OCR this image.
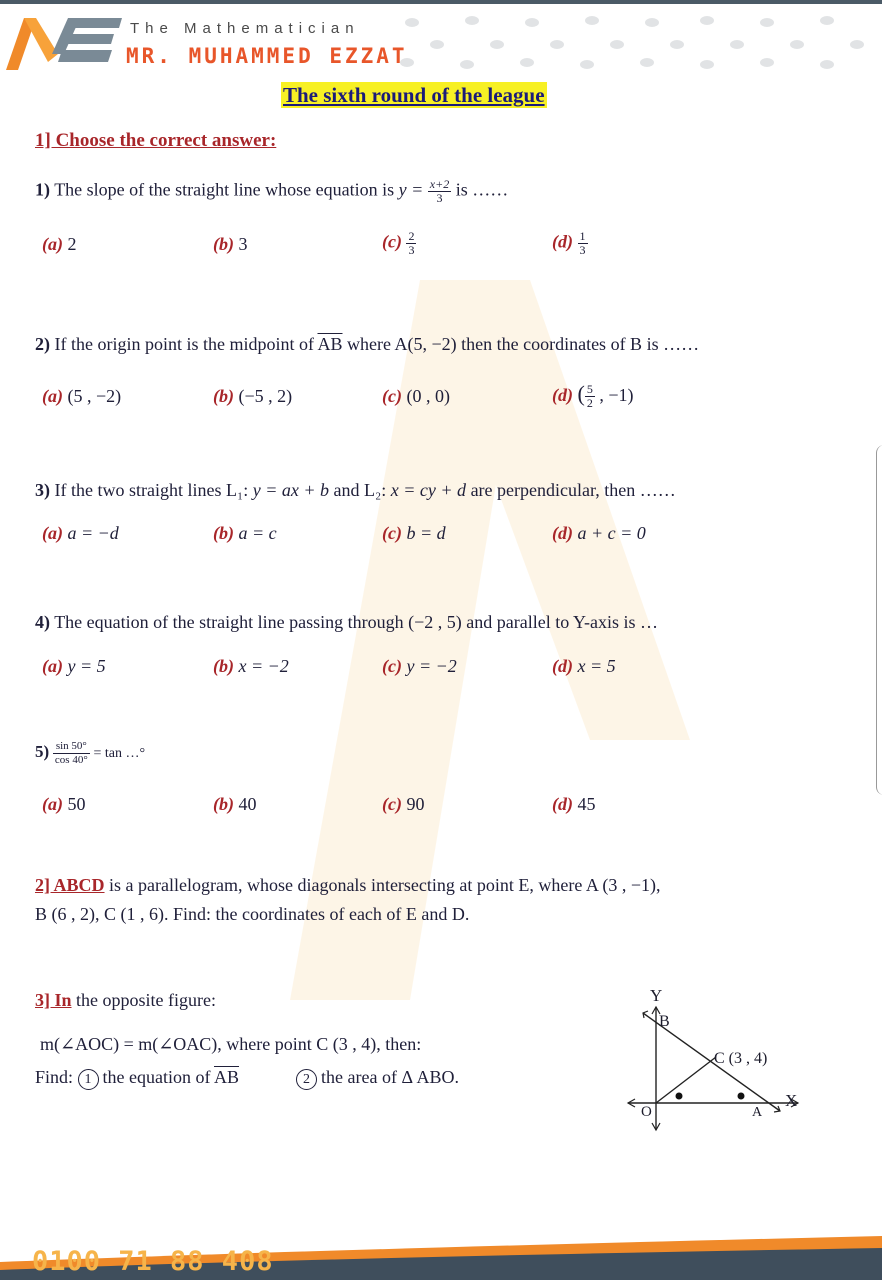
The Mathematician
MR. MUHAMMED EZZAT
The sixth round of the league
1] Choose the correct answer:
1) The slope of the straight line whose equation is $y = \frac{x+2}{3}$ is ……
(a) 2	(b) 3	$(c) \frac{2}{3}$	$(d) \frac{1}{3}$
2) If the origin point is the midpoint of $\overline{AB}$ where A(5, −2) then the coordinates of B is ……
(a) (5 , −2)	(b) (−5 , 2)	(c) (0 , 0)	(d) ( $\frac{5}{2}$ , −1)
3) If the two straight lines L₁: y = ax + b and L₂: x = cy + d are perpendicular, then ……
(a) a = −d	(b) a = c	(c) b = d	(d) a + c = 0
4) The equation of the straight line passing through (−2 , 5) and parallel to Y-axis is …
(a) y = 5	(b) x = −2	(c) y = −2	(d) x = 5
$5) \frac{\sin 50^\circ}{\cos 40^\circ} = \tan$ …°
(a) 50	(b) 40	(c) 90	(d) 45
2] ABCD is a parallelogram, whose diagonals intersecting at point E, where A (3 , −1),
B (6 , 2), C (1 , 6). Find: the coordinates of each of E and D.
3] In the opposite figure:
m(∠AOC) = m(∠OAC), where point C (3 , 4), then:
Find: 1 the equation of $\overline{AB}$	2 the area of Δ ABO.
Y
B
C (3 , 4)
X
A
O
0100 71 88 408
